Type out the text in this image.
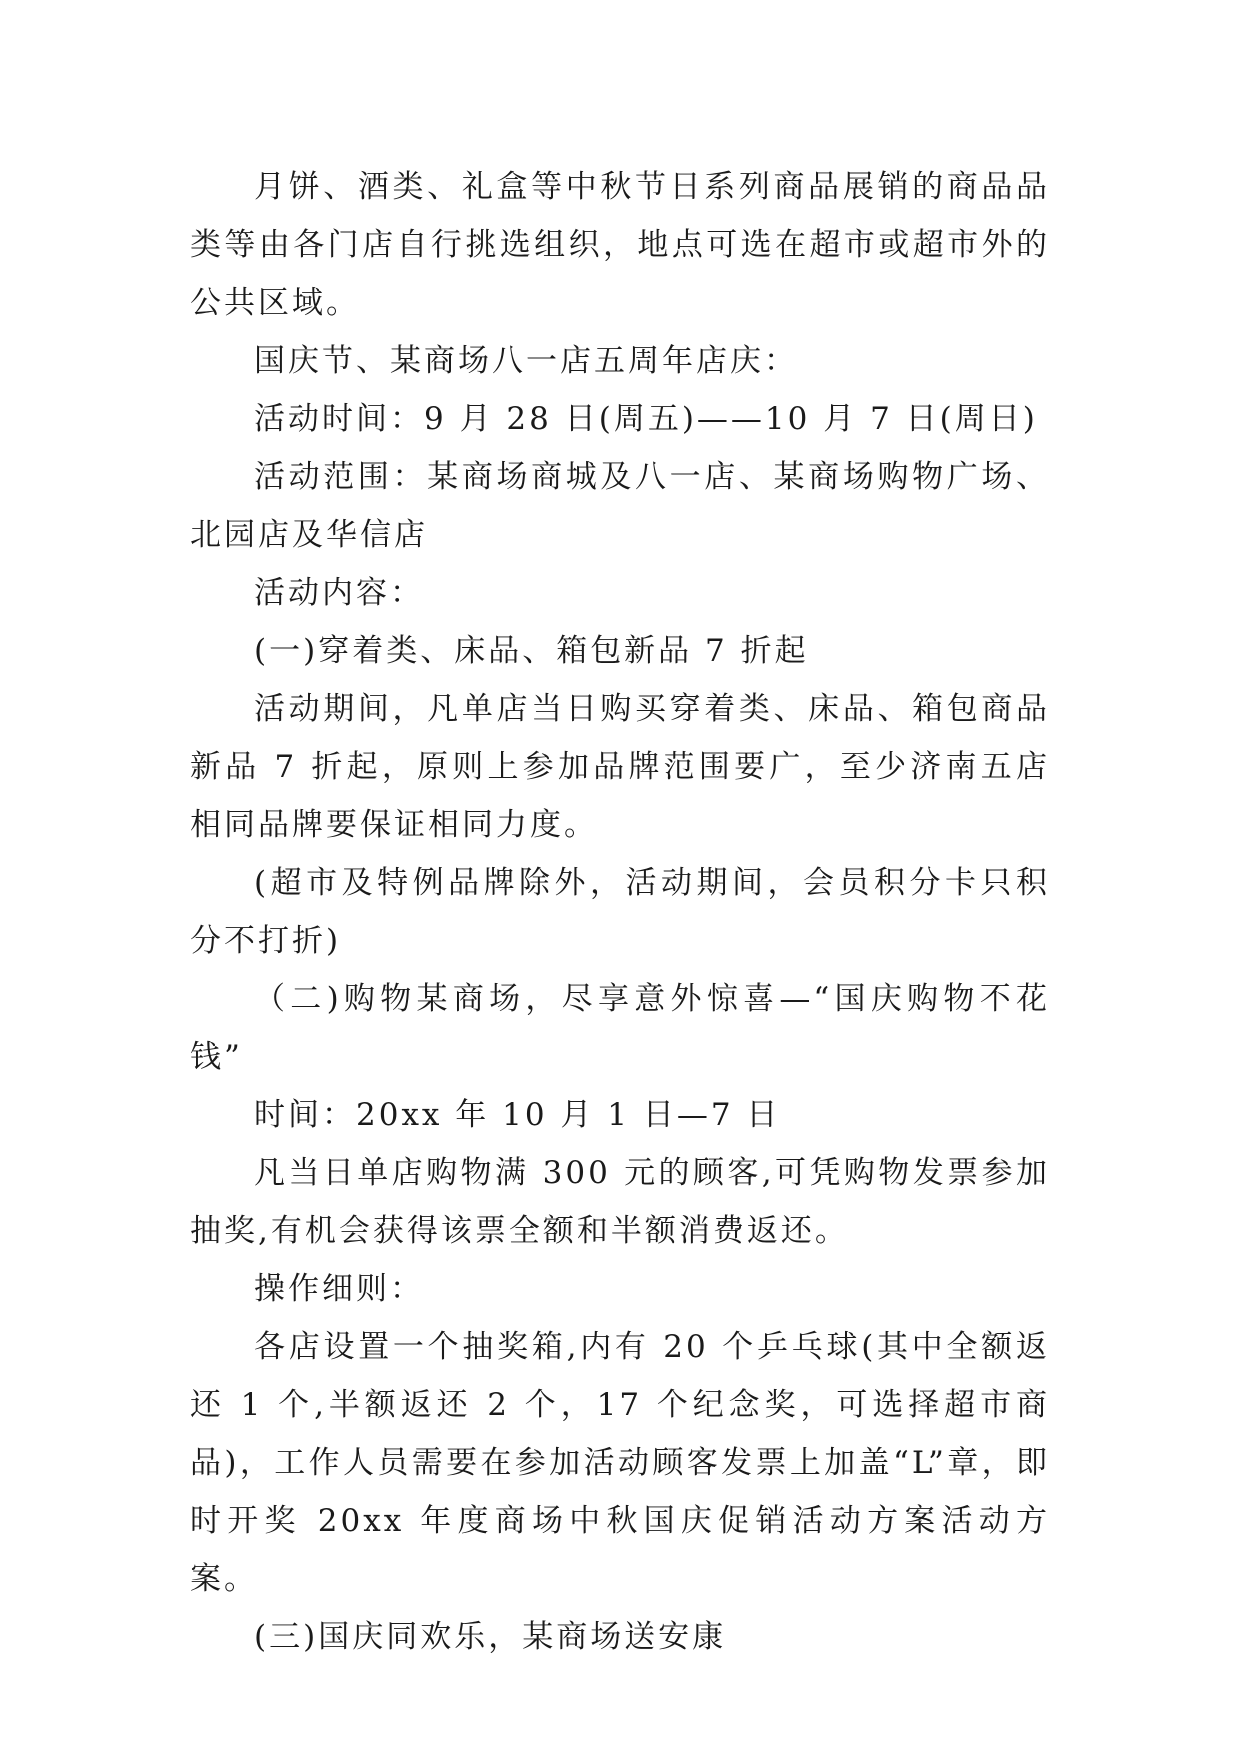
月饼、酒类、礼盒等中秋节日系列商品展销的商品品类等由各门店自行挑选组织，地点可选在超市或超市外的公共区域。

国庆节、某商场八一店五周年店庆：

活动时间：9 月 28 日(周五)——10 月 7 日(周日)

活动范围：某商场商城及八一店、某商场购物广场、北园店及华信店

活动内容：

(一)穿着类、床品、箱包新品 7 折起

活动期间，凡单店当日购买穿着类、床品、箱包商品新品 7 折起，原则上参加品牌范围要广，至少济南五店相同品牌要保证相同力度。

(超市及特例品牌除外，活动期间，会员积分卡只积分不打折)

（二)购物某商场，尽享意外惊喜—“国庆购物不花钱”

时间：20xx 年 10 月 1 日—7 日

凡当日单店购物满 300 元的顾客,可凭购物发票参加抽奖,有机会获得该票全额和半额消费返还。

操作细则：

各店设置一个抽奖箱,内有 20 个乒乓球(其中全额返还 1 个,半额返还 2 个，17 个纪念奖，可选择超市商品)，工作人员需要在参加活动顾客发票上加盖“L”章，即时开奖 20xx 年度商场中秋国庆促销活动方案活动方案。

(三)国庆同欢乐，某商场送安康
